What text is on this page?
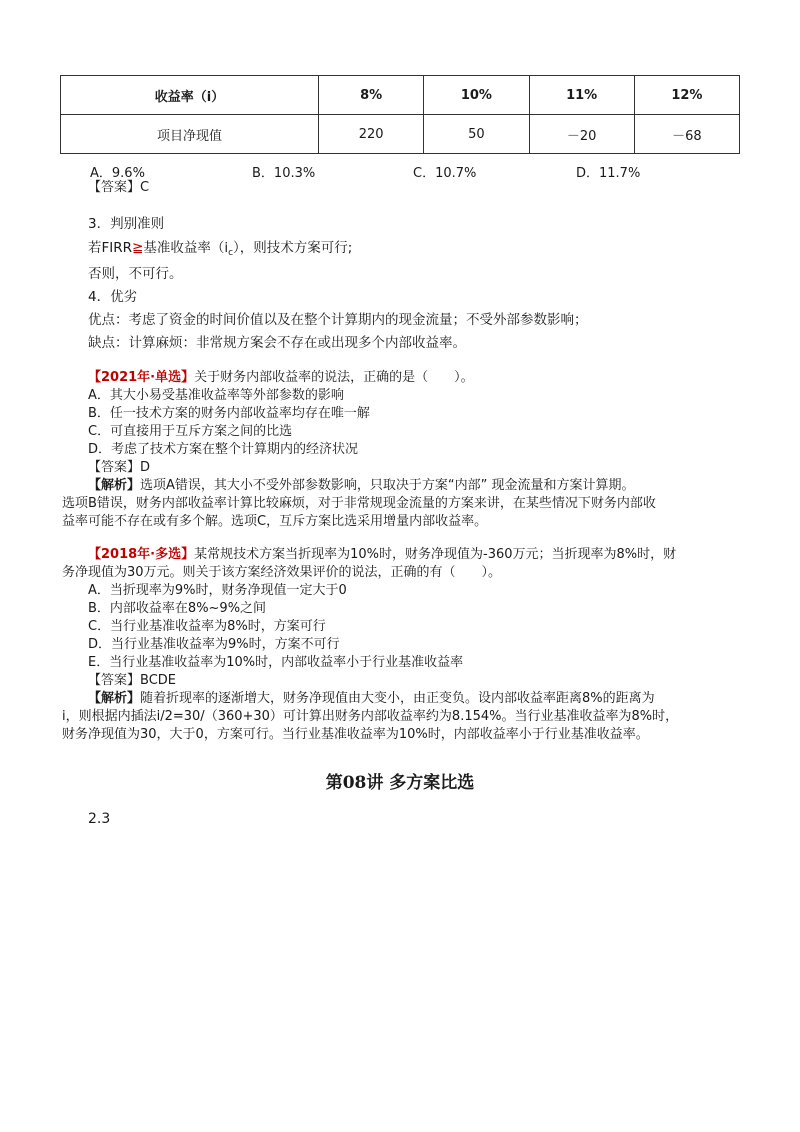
收益率（i）	8%	10%	11%	12%
项目净现值	220	50	－20	－68
A．9.6%	B．10.3%	C．10.7%	D．11.7%
【答案】C
3．判别准则
若FIRR≧基准收益率$(i_c)$，则技术方案可行;
否则，不可行。
4．优劣
优点：考虑了资金的时间价值以及在整个计算期内的现金流量；不受外部参数影响；
缺点：计算麻烦：非常规方案会不存在或出现多个内部收益率。
【2021年·单选】关于财务内部收益率的说法，正确的是（　　）。
A．其大小易受基准收益率等外部参数的影响
B．任一技术方案的财务内部收益率均存在唯一解
C．可直接用于互斥方案之间的比选
D．考虑了技术方案在整个计算期内的经济状况
【答案】D
【解析】选项A错误，其大小不受外部参数影响，只取决于方案“内部” 现金流量和方案计算期。
选项B错误，财务内部收益率计算比较麻烦，对于非常规现金流量的方案来讲，在某些情况下财务内部收
益率可能不存在或有多个解。选项C，互斥方案比选采用增量内部收益率。
【2018年·多选】某常规技术方案当折现率为10%时，财务净现值为-360万元；当折现率为8%时，财
务净现值为30万元。则关于该方案经济效果评价的说法，正确的有（　　）。
A．当折现率为9%时，财务净现值一定大于0
B．内部收益率在8%~9%之间
C．当行业基准收益率为8%时，方案可行
D．当行业基准收益率为9%时，方案不可行
E．当行业基准收益率为10%时，内部收益率小于行业基准收益率
【答案】BCDE
【解析】随着折现率的逐渐增大，财务净现值由大变小，由正变负。设内部收益率距离8%的距离为
i，则根据内插法i/2=30/（360+30）可计算出财务内部收益率约为8.154%。当行业基准收益率为8%时，
财务净现值为30，大于0，方案可行。当行业基准收益率为10%时，内部收益率小于行业基准收益率。
第08讲 多方案比选
2.3
